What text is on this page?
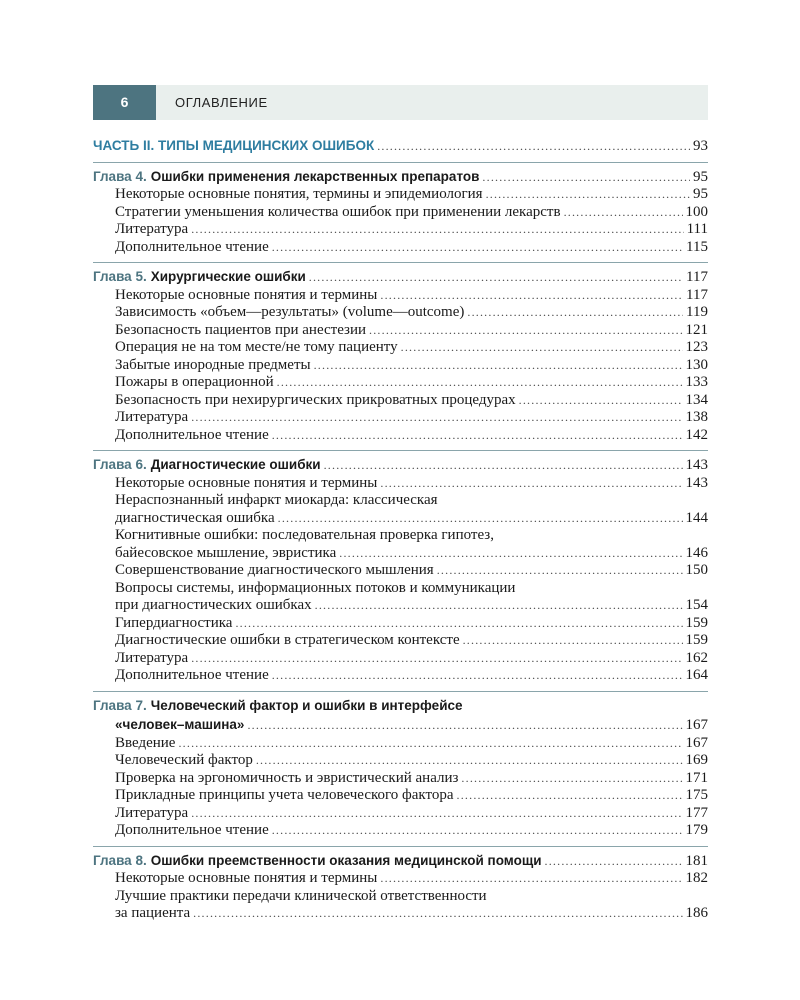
6	ОГЛАВЛЕНИЕ
ЧАСТЬ II. ТИПЫ МЕДИЦИНСКИХ ОШИБОК .....	93
Глава 4. Ошибки применения лекарственных препаратов .....	95
Некоторые основные понятия, термины и эпидемиология .....	95
Стратегии уменьшения количества ошибок при применении лекарств .....	100
Литература .....	111
Дополнительное чтение .....	115
Глава 5. Хирургические ошибки .....	117
Некоторые основные понятия и термины .....	117
Зависимость «объем—результаты» (volume—outcome) .....	119
Безопасность пациентов при анестезии .....	121
Операция не на том месте/не тому пациенту .....	123
Забытые инородные предметы .....	130
Пожары в операционной .....	133
Безопасность при нехирургических прикроватных процедурах .....	134
Литература .....	138
Дополнительное чтение .....	142
Глава 6. Диагностические ошибки .....	143
Некоторые основные понятия и термины .....	143
Нераспознанный инфаркт миокарда: классическая
диагностическая ошибка .....	144
Когнитивные ошибки: последовательная проверка гипотез,
байесовское мышление, эвристика .....	146
Совершенствование диагностического мышления .....	150
Вопросы системы, информационных потоков и коммуникации
при диагностических ошибках .....	154
Гипердиагностика .....	159
Диагностические ошибки в стратегическом контексте .....	159
Литература .....	162
Дополнительное чтение .....	164
Глава 7. Человеческий фактор и ошибки в интерфейсе
«человек–машина» .....	167
Введение .....	167
Человеческий фактор .....	169
Проверка на эргономичность и эвристический анализ .....	171
Прикладные принципы учета человеческого фактора .....	175
Литература .....	177
Дополнительное чтение .....	179
Глава 8. Ошибки преемственности оказания медицинской помощи .....	181
Некоторые основные понятия и термины .....	182
Лучшие практики передачи клинической ответственности
за пациента .....	186
